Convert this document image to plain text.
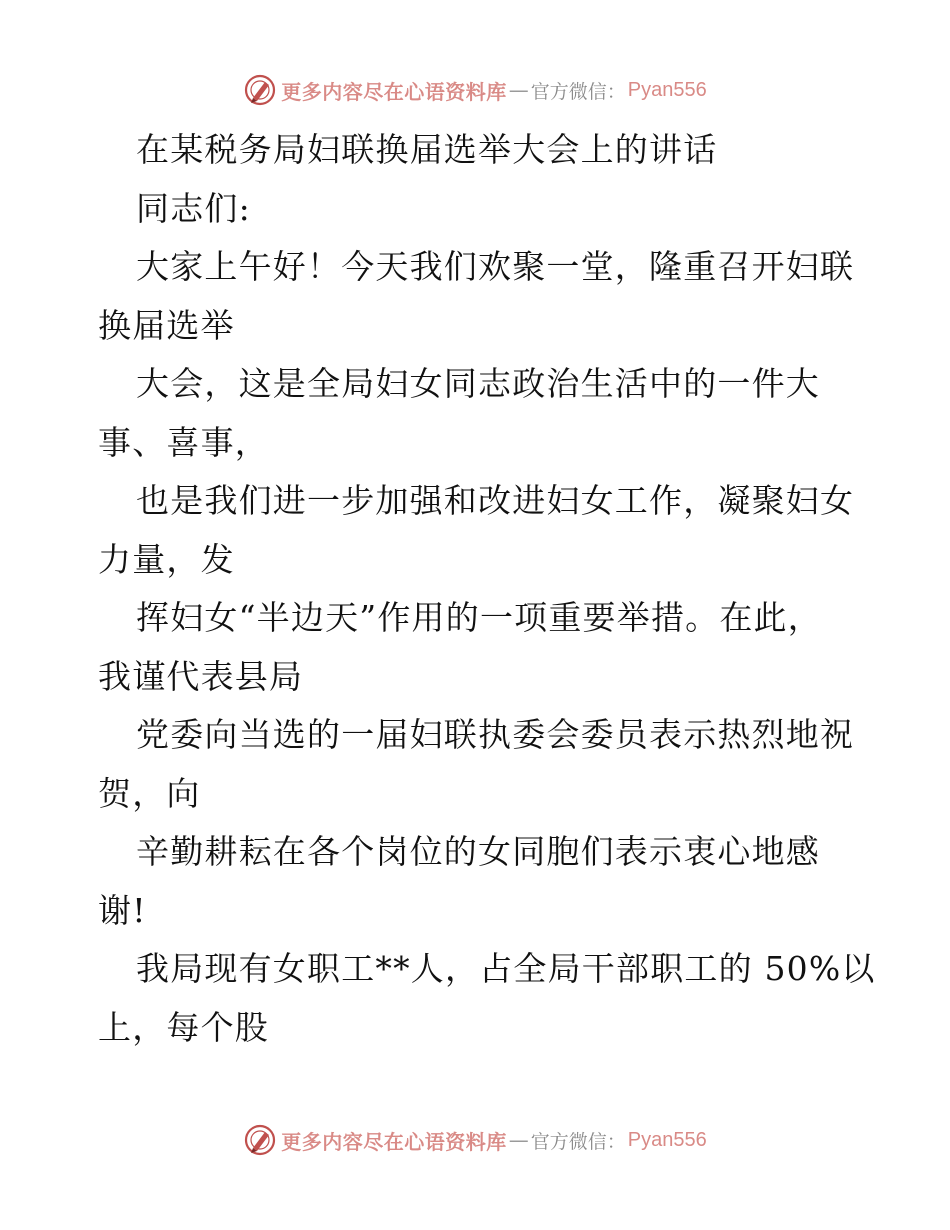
更多内容尽在心语资料库 — 官方微信： Pyan556
在某税务局妇联换届选举大会上的讲话
同志们:
大家上午好！今天我们欢聚一堂，隆重召开妇联
换届选举
大会，这是全局妇女同志政治生活中的一件大
事、喜事，
也是我们进一步加强和改进妇女工作，凝聚妇女
力量，发
挥妇女“半边天”作用的一项重要举措。在此，
我谨代表县局
党委向当选的一届妇联执委会委员表示热烈地祝
贺，向
辛勤耕耘在各个岗位的女同胞们表示衷心地感
谢!
我局现有女职工**人，占全局干部职工的 50%以
上，每个股
更多内容尽在心语资料库 — 官方微信： Pyan556
